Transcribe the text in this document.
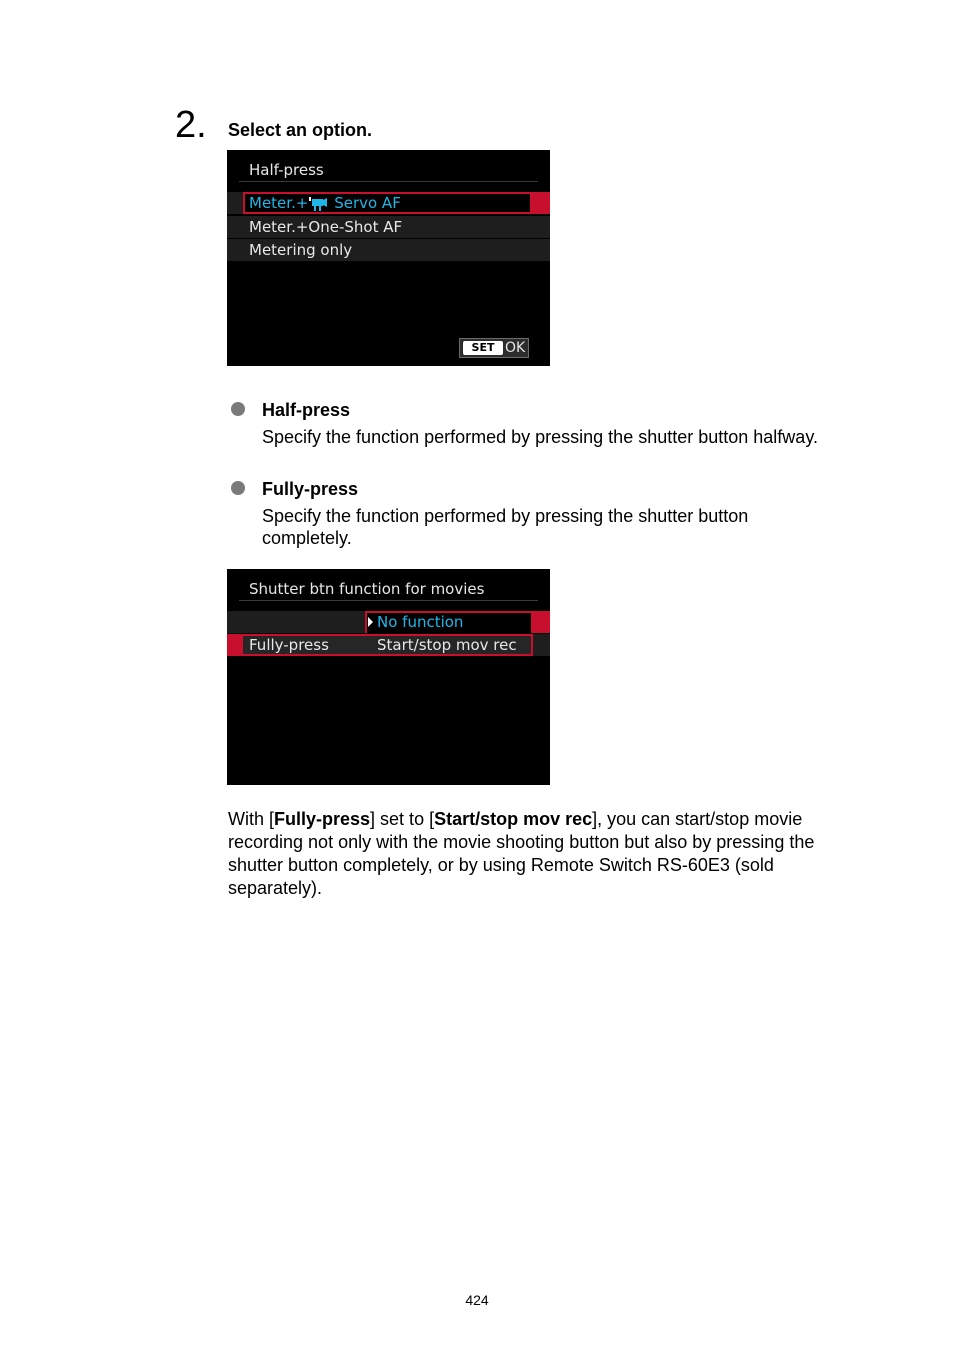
2. Select an option.
Half-press
Meter.+ Servo AF
Meter.+One-Shot AF
Metering only
SET OK
Half-press
Specify the function performed by pressing the shutter button halfway.
Fully-press
Specify the function performed by pressing the shutter button completely.
Shutter btn function for movies
No function
Fully-press	Start/stop mov rec
With [Fully-press] set to [Start/stop mov rec], you can start/stop movie recording not only with the movie shooting button but also by pressing the shutter button completely, or by using Remote Switch RS-60E3 (sold separately).
424
